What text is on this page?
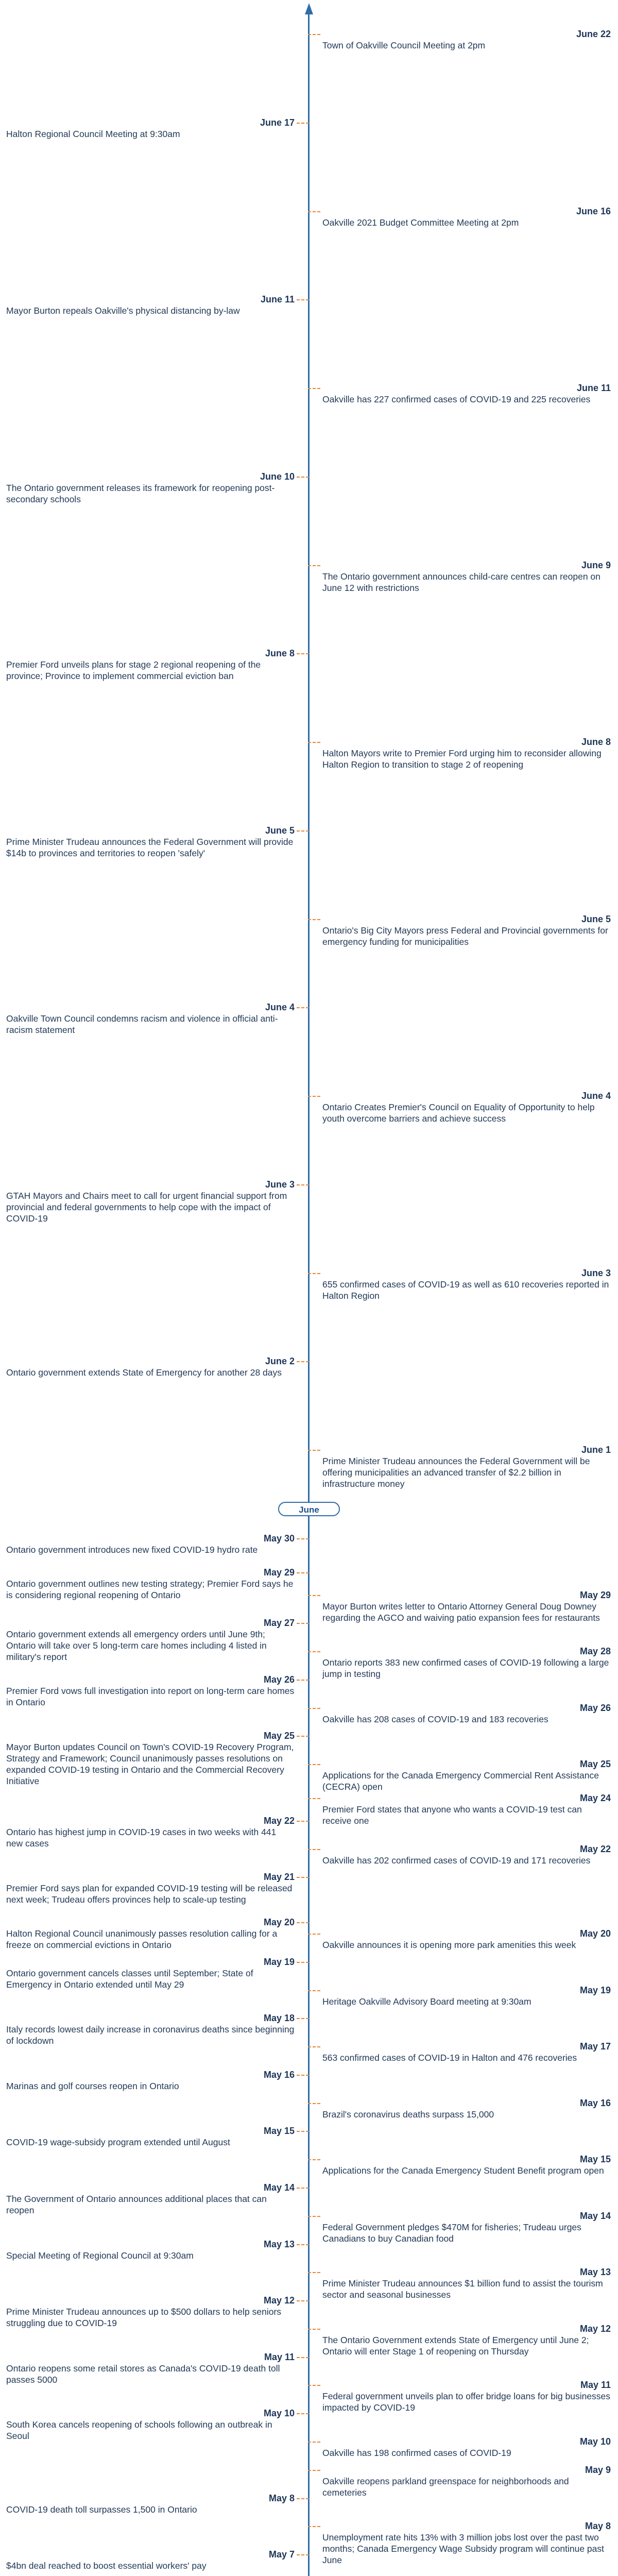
June
June 22
Town of Oakville Council Meeting at 2pm
June 17
Halton Regional Council Meeting at 9:30am
June 16
Oakville 2021 Budget Committee Meeting at 2pm
June 11
Mayor Burton repeals Oakville's physical distancing by-law
June 11
Oakville has 227 confirmed cases of COVID-19 and 225 recoveries
June 10
The Ontario government releases its framework for reopening post-secondary schools
June 9
The Ontario government announces child-care centres can reopen on June 12 with restrictions
June 8
Premier Ford unveils plans for stage 2 regional reopening of the province; Province to implement commercial eviction ban
June 8
Halton Mayors write to Premier Ford urging him to reconsider allowing Halton Region to transition to stage 2 of reopening
June 5
Prime Minister Trudeau announces the Federal Government will provide $14b to provinces and territories to reopen 'safely'
June 5
Ontario's Big City Mayors press Federal and Provincial governments for emergency funding for municipalities
June 4
Oakville Town Council condemns racism and violence in official anti-racism statement
June 4
Ontario Creates Premier's Council on Equality of Opportunity to help youth overcome barriers and achieve success
June 3
GTAH Mayors and Chairs meet to call for urgent financial support from provincial and federal governments to help cope with the impact of COVID-19
June 3
655 confirmed cases of COVID-19 as well as 610 recoveries reported in Halton Region
June 2
Ontario government extends State of Emergency for another 28 days
June 1
Prime Minister Trudeau announces the Federal Government will be offering municipalities an advanced transfer of $2.2 billion in infrastructure money
May 30
Ontario government introduces new fixed COVID-19 hydro rate
May 29
Ontario government outlines new testing strategy; Premier Ford says he is considering regional reopening of Ontario	May 29
Mayor Burton writes letter to Ontario Attorney General Doug Downey regarding the AGCO and waiving patio expansion fees for restaurants
May 27
Ontario government extends all emergency orders until June 9th; Ontario will take over 5 long-term care homes including 4 listed in military's report
May 28
Ontario reports 383 new confirmed cases of COVID-19 following a large jump in testing
May 26
Premier Ford vows full investigation into report on long-term care homes in Ontario
May 26
Oakville has 208 cases of COVID-19 and 183 recoveries
May 25
Mayor Burton updates Council on Town's COVID-19 Recovery Program, Strategy and Framework; Council unanimously passes resolutions on expanded COVID-19 testing in Ontario and the Commercial Recovery Initiative
May 25
Applications for the Canada Emergency Commercial Rent Assistance (CECRA) open
May 24
Premier Ford states that anyone who wants a COVID-19 test can receive one
May 22
Ontario has highest jump in COVID-19 cases in two weeks with 441 new cases
May 22
Oakville has 202 confirmed cases of COVID-19 and 171 recoveries
May 21
Premier Ford says plan for expanded COVID-19 testing will be released next week; Trudeau offers provinces help to scale-up testing
May 20
Halton Regional Council unanimously passes resolution calling for a freeze on commercial evictions in Ontario
May 20
Oakville announces it is opening more park amenities this week
May 19
Ontario government cancels classes until September; State of Emergency in Ontario extended until May 29
May 19
Heritage Oakville Advisory Board meeting at 9:30am
May 18
Italy records lowest daily increase in coronavirus deaths since beginning of lockdown
May 17
563 confirmed cases of COVID-19 in Halton and 476 recoveries
May 16
Marinas and golf courses reopen in Ontario
May 16
Brazil's coronavirus deaths surpass 15,000
May 15
COVID-19 wage-subsidy program extended until August
May 15
Applications for the Canada Emergency Student Benefit program open
May 14
The Government of Ontario announces additional places that can reopen
May 14
Federal Government pledges $470M for fisheries; Trudeau urges Canadians to buy Canadian food
May 13
Special Meeting of Regional Council at 9:30am
May 13
Prime Minister Trudeau announces $1 billion fund to assist the tourism sector and seasonal businesses
May 12
Prime Minister Trudeau announces up to $500 dollars to help seniors struggling due to COVID-19
May 12
The Ontario Government extends State of Emergency until June 2; Ontario will enter Stage 1 of reopening on Thursday
May 11
Ontario reopens some retail stores as Canada's COVID-19 death toll passes 5000	May 11
Federal government unveils plan to offer bridge loans for big businesses impacted by COVID-19
May 10
South Korea cancels reopening of schools following an outbreak in Seoul
May 10
Oakville has 198 confirmed cases of COVID-19
May 9
Oakville reopens parkland greenspace for neighborhoods and cemeteries
May 8
COVID-19 death toll surpasses 1,500 in Ontario
May 8
Unemployment rate hits 13% with 3 million jobs lost over the past two months; Canada Emergency Wage Subsidy program will continue past June
May 7
$4bn deal reached to boost essential workers' pay
